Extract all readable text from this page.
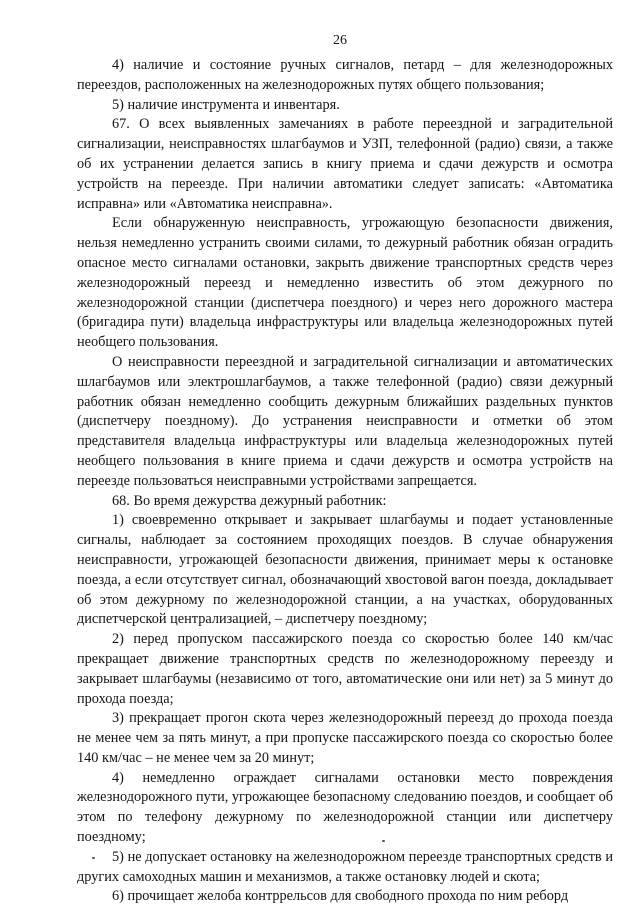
26

4) наличие и состояние ручных сигналов, петард – для железнодорожных переездов, расположенных на железнодорожных путях общего пользования;

5) наличие инструмента и инвентаря.

67. О всех выявленных замечаниях в работе переездной и заградительной сигнализации, неисправностях шлагбаумов и УЗП, телефонной (радио) связи, а также об их устранении делается запись в книгу приема и сдачи дежурств и осмотра устройств на переезде. При наличии автоматики следует записать: «Автоматика исправна» или «Автоматика неисправна».

Если обнаруженную неисправность, угрожающую безопасности движения, нельзя немедленно устранить своими силами, то дежурный работник обязан оградить опасное место сигналами остановки, закрыть движение транспортных средств через железнодорожный переезд и немедленно известить об этом дежурного по железнодорожной станции (диспетчера поездного) и через него дорожного мастера (бригадира пути) владельца инфраструктуры или владельца железнодорожных путей необщего пользования.

О неисправности переездной и заградительной сигнализации и автоматических шлагбаумов или электрошлагбаумов, а также телефонной (радио) связи дежурный работник обязан немедленно сообщить дежурным ближайших раздельных пунктов (диспетчеру поездному). До устранения неисправности и отметки об этом представителя владельца инфраструктуры или владельца железнодорожных путей необщего пользования в книге приема и сдачи дежурств и осмотра устройств на переезде пользоваться неисправными устройствами запрещается.

68. Во время дежурства дежурный работник:

1) своевременно открывает и закрывает шлагбаумы и подает установленные сигналы, наблюдает за состоянием проходящих поездов. В случае обнаружения неисправности, угрожающей безопасности движения, принимает меры к остановке поезда, а если отсутствует сигнал, обозначающий хвостовой вагон поезда, докладывает об этом дежурному по железнодорожной станции, а на участках, оборудованных диспетчерской централизацией, – диспетчеру поездному;

2) перед пропуском пассажирского поезда со скоростью более 140 км/час прекращает движение транспортных средств по железнодорожному переезду и закрывает шлагбаумы (независимо от того, автоматические они или нет) за 5 минут до прохода поезда;

3) прекращает прогон скота через железнодорожный переезд до прохода поезда не менее чем за пять минут, а при пропуске пассажирского поезда со скоростью более 140 км/час – не менее чем за 20 минут;

4) немедленно ограждает сигналами остановки место повреждения железнодорожного пути, угрожающее безопасному следованию поездов, и сообщает об этом по телефону дежурному по железнодорожной станции или диспетчеру поездному;

5) не допускает остановку на железнодорожном переезде транспортных средств и других самоходных машин и механизмов, а также остановку людей и скота;

6) прочищает желоба контррельсов для свободного прохода по ним реборд
